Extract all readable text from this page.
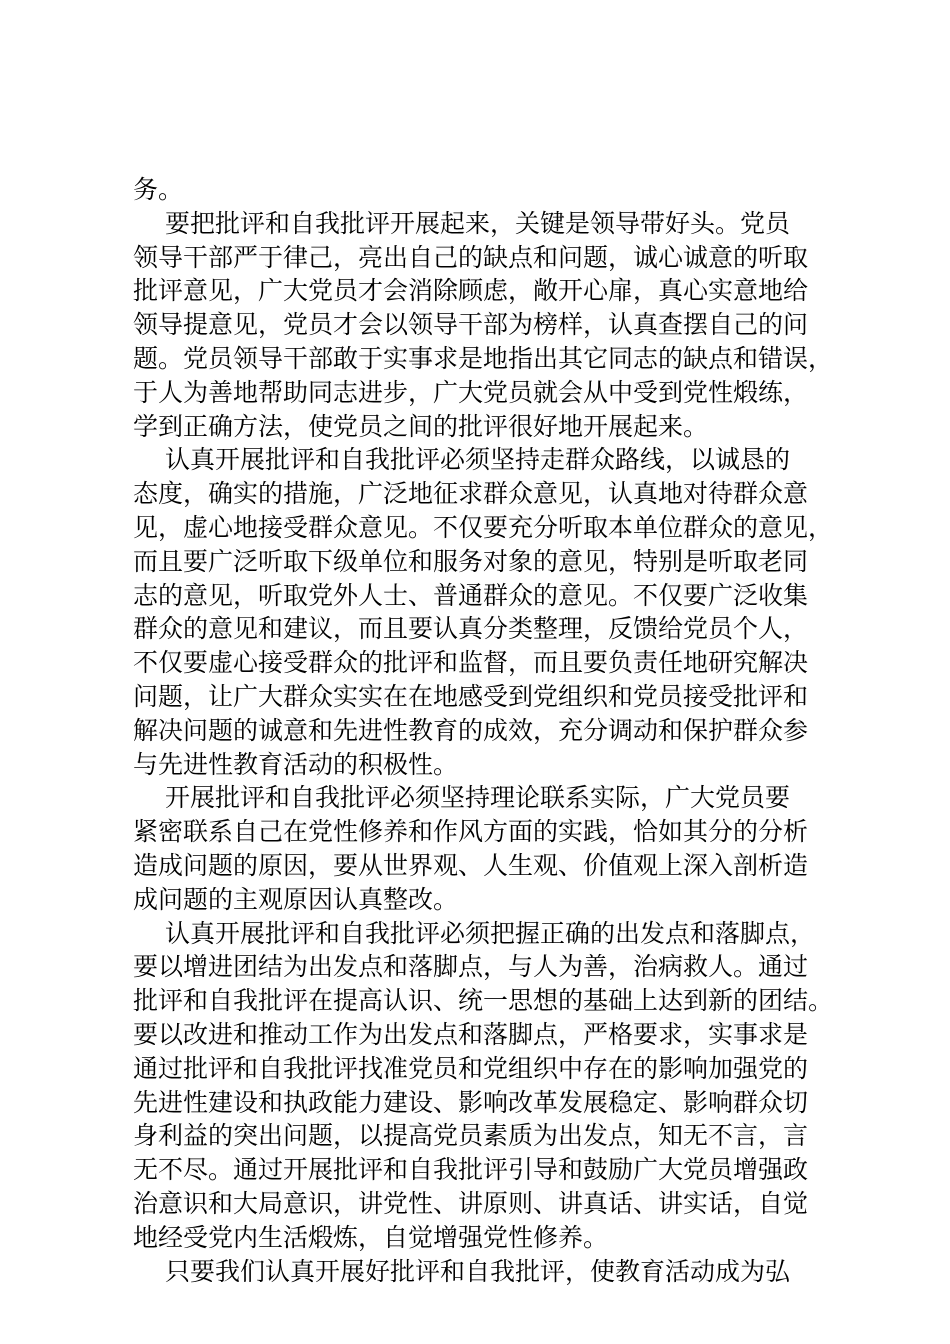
务。
要把批评和自我批评开展起来，关键是领导带好头。党员
领导干部严于律己，亮出自己的缺点和问题，诚心诚意的听取
批评意见，广大党员才会消除顾虑，敞开心扉，真心实意地给
领导提意见，党员才会以领导干部为榜样，认真查摆自己的问
题。党员领导干部敢于实事求是地指出其它同志的缺点和错误，
于人为善地帮助同志进步，广大党员就会从中受到党性煅练，
学到正确方法，使党员之间的批评很好地开展起来。
认真开展批评和自我批评必须坚持走群众路线，以诚恳的
态度，确实的措施，广泛地征求群众意见，认真地对待群众意
见，虚心地接受群众意见。不仅要充分听取本单位群众的意见，
而且要广泛听取下级单位和服务对象的意见，特别是听取老同
志的意见，听取党外人士、普通群众的意见。不仅要广泛收集
群众的意见和建议，而且要认真分类整理，反馈给党员个人，
不仅要虚心接受群众的批评和监督，而且要负责任地研究解决
问题，让广大群众实实在在地感受到党组织和党员接受批评和
解决问题的诚意和先进性教育的成效，充分调动和保护群众参
与先进性教育活动的积极性。
开展批评和自我批评必须坚持理论联系实际，广大党员要
紧密联系自己在党性修养和作风方面的实践，恰如其分的分析
造成问题的原因，要从世界观、人生观、价值观上深入剖析造
成问题的主观原因认真整改。
认真开展批评和自我批评必须把握正确的出发点和落脚点，
要以增进团结为出发点和落脚点，与人为善，治病救人。通过
批评和自我批评在提高认识、统一思想的基础上达到新的团结。
要以改进和推动工作为出发点和落脚点，严格要求，实事求是
通过批评和自我批评找准党员和党组织中存在的影响加强党的
先进性建设和执政能力建设、影响改革发展稳定、影响群众切
身利益的突出问题，以提高党员素质为出发点，知无不言，言
无不尽。通过开展批评和自我批评引导和鼓励广大党员增强政
治意识和大局意识，讲党性、讲原则、讲真话、讲实话，自觉
地经受党内生活煅炼，自觉增强党性修养。
只要我们认真开展好批评和自我批评，使教育活动成为弘
